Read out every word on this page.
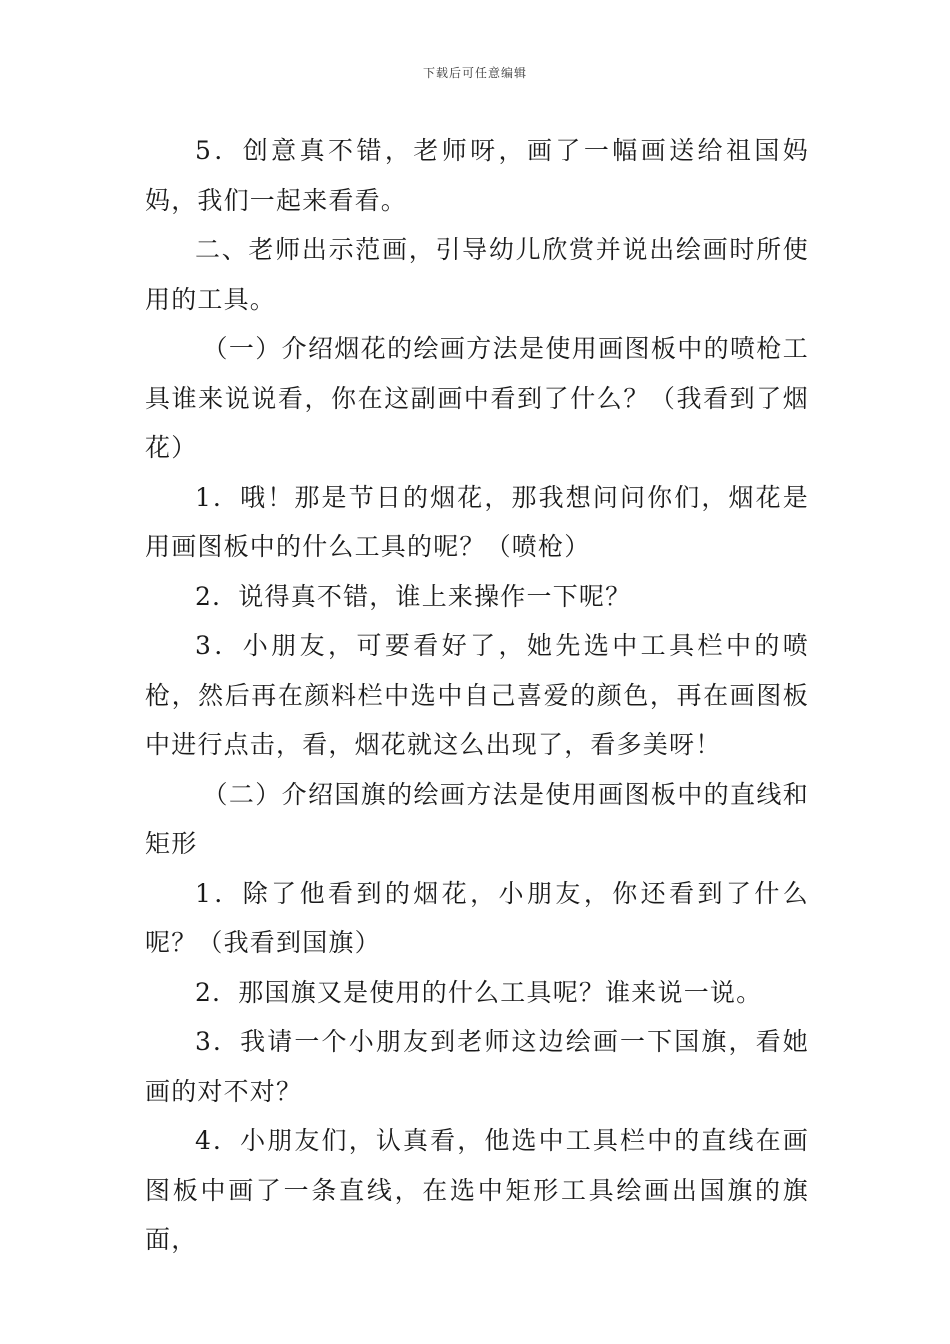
下载后可任意编辑

5．创意真不错，老师呀，画了一幅画送给祖国妈妈，我们一起来看看。

二、老师出示范画，引导幼儿欣赏并说出绘画时所使用的工具。

（一）介绍烟花的绘画方法是使用画图板中的喷枪工具谁来说说看，你在这副画中看到了什么？（我看到了烟花）

1．哦！那是节日的烟花，那我想问问你们，烟花是用画图板中的什么工具的呢？（喷枪）

2．说得真不错，谁上来操作一下呢？

3．小朋友，可要看好了，她先选中工具栏中的喷枪，然后再在颜料栏中选中自己喜爱的颜色，再在画图板中进行点击，看，烟花就这么出现了，看多美呀！

（二）介绍国旗的绘画方法是使用画图板中的直线和矩形

1．除了他看到的烟花，小朋友，你还看到了什么呢？（我看到国旗）

2．那国旗又是使用的什么工具呢？谁来说一说。

3．我请一个小朋友到老师这边绘画一下国旗，看她画的对不对？

4．小朋友们，认真看，他选中工具栏中的直线在画图板中画了一条直线，在选中矩形工具绘画出国旗的旗面，
